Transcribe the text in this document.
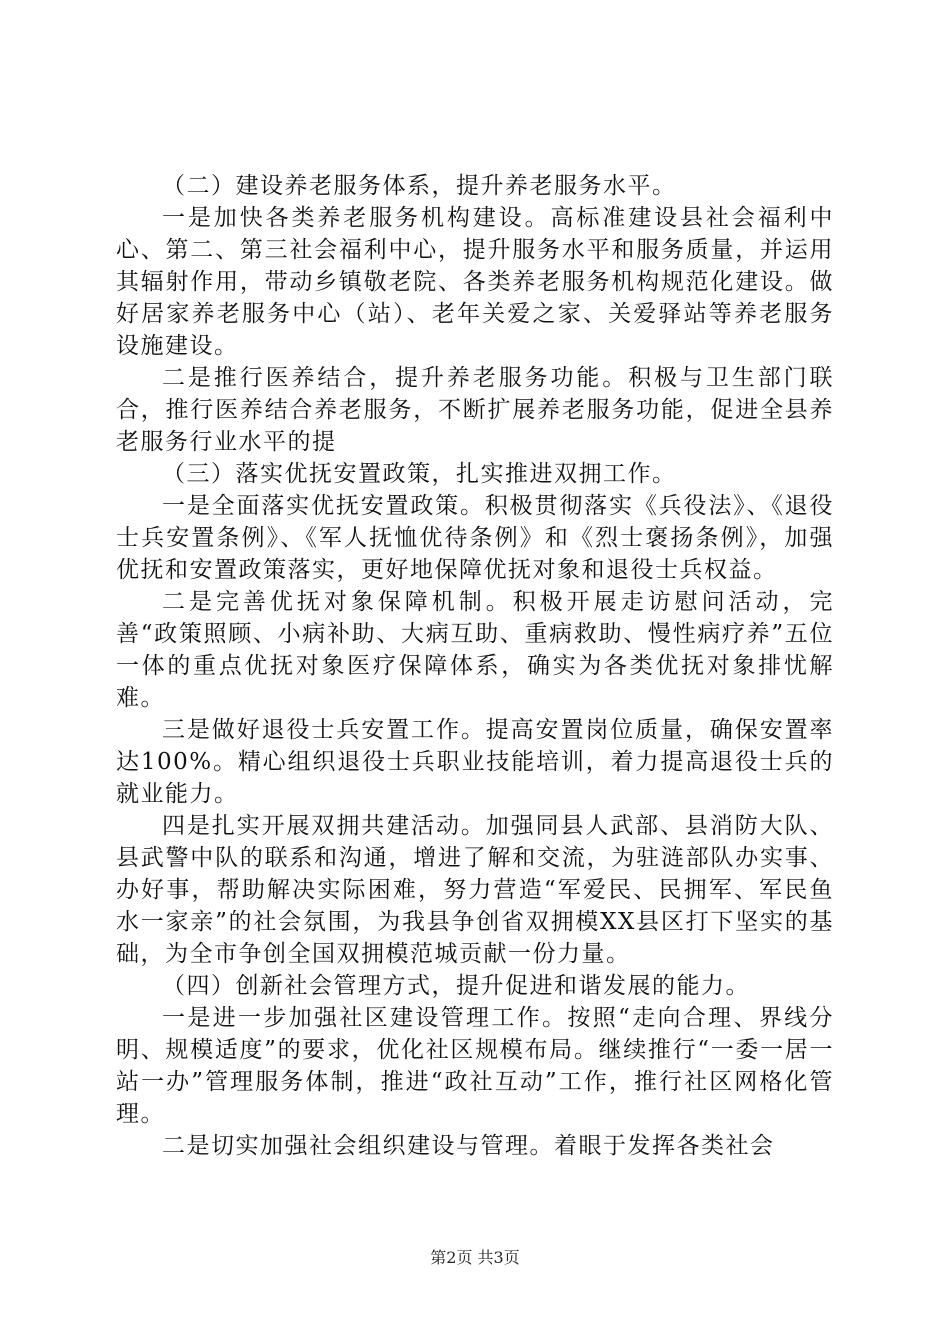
（二）建设养老服务体系，提升养老服务水平。

一是加快各类养老服务机构建设。高标准建设县社会福利中心、第二、第三社会福利中心，提升服务水平和服务质量，并运用其辐射作用，带动乡镇敬老院、各类养老服务机构规范化建设。做好居家养老服务中心（站）、老年关爱之家、关爱驿站等养老服务设施建设。

二是推行医养结合，提升养老服务功能。积极与卫生部门联合，推行医养结合养老服务，不断扩展养老服务功能，促进全县养老服务行业水平的提

（三）落实优抚安置政策，扎实推进双拥工作。

一是全面落实优抚安置政策。积极贯彻落实《兵役法》、《退役士兵安置条例》、《军人抚恤优待条例》和《烈士褒扬条例》，加强优抚和安置政策落实，更好地保障优抚对象和退役士兵权益。

二是完善优抚对象保障机制。积极开展走访慰问活动，完善“政策照顾、小病补助、大病互助、重病救助、慢性病疗养”五位一体的重点优抚对象医疗保障体系，确实为各类优抚对象排忧解难。

三是做好退役士兵安置工作。提高安置岗位质量，确保安置率达100%。精心组织退役士兵职业技能培训，着力提高退役士兵的就业能力。

四是扎实开展双拥共建活动。加强同县人武部、县消防大队、县武警中队的联系和沟通，增进了解和交流，为驻涟部队办实事、办好事，帮助解决实际困难，努力营造“军爱民、民拥军、军民鱼水一家亲”的社会氛围，为我县争创省双拥模XX县区打下坚实的基础，为全市争创全国双拥模范城贡献一份力量。

（四）创新社会管理方式，提升促进和谐发展的能力。

一是进一步加强社区建设管理工作。按照“走向合理、界线分明、规模适度”的要求，优化社区规模布局。继续推行“一委一居一站一办”管理服务体制，推进“政社互动”工作，推行社区网格化管理。

二是切实加强社会组织建设与管理。着眼于发挥各类社会

第2页 共3页
